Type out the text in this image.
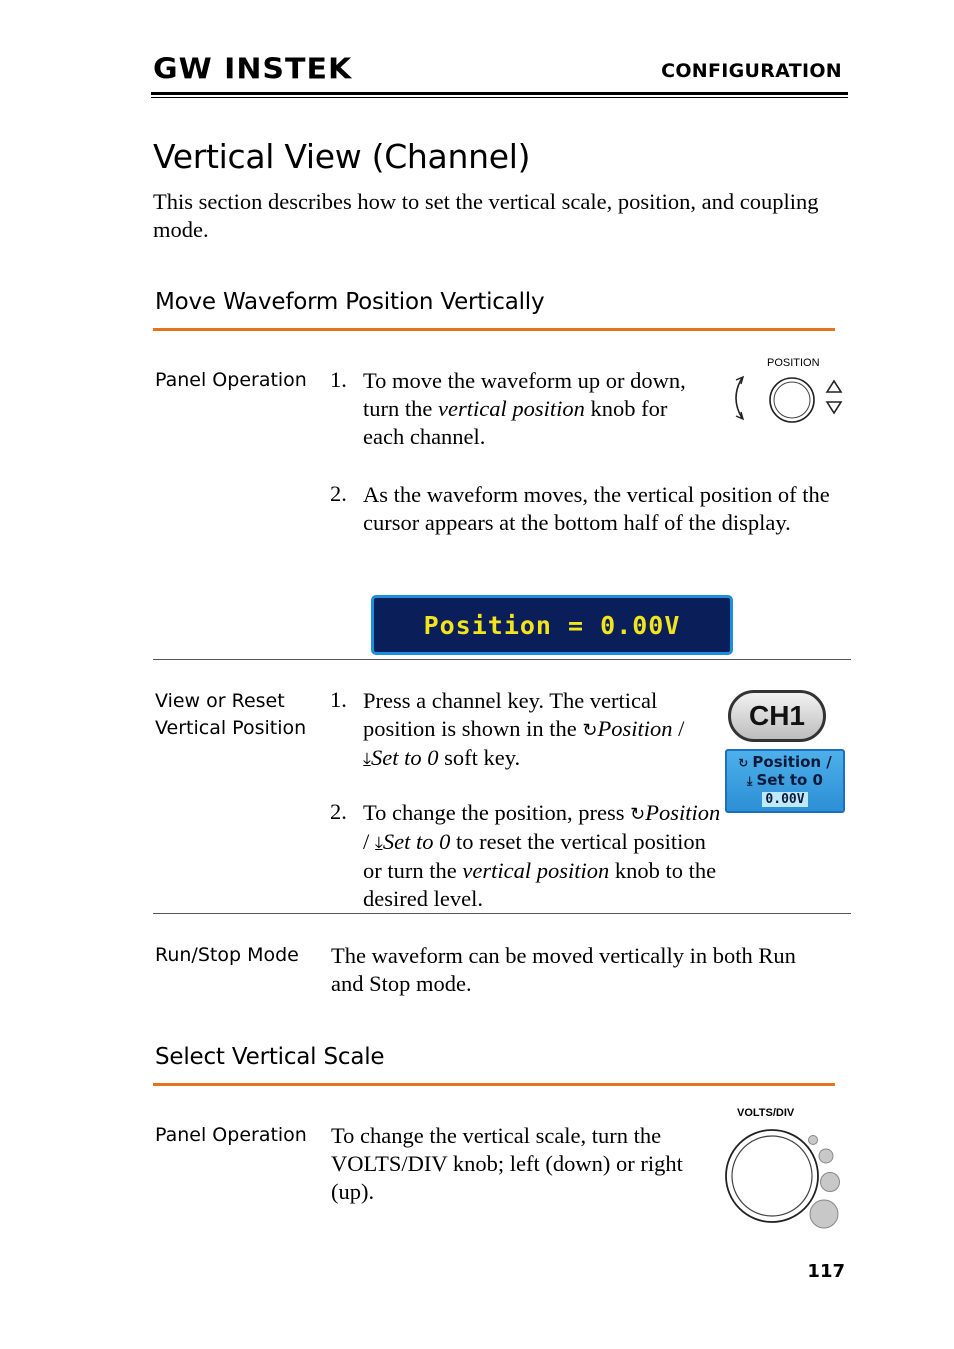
GW INSTEK	CONFIGURATION
Vertical View (Channel)
This section describes how to set the vertical scale, position, and coupling mode.
Move Waveform Position Vertically
Panel Operation 1. To move the waveform up or down, turn the vertical position knob for each channel.
POSITION
2. As the waveform moves, the vertical position of the cursor appears at the bottom half of the display.
Position = 0.00V
View or Reset
Vertical Position
1. Press a channel key. The vertical position is shown in the ↻Position / ⤓Set to 0 soft key.
2. To change the position, press ↻Position / ⤓Set to 0 to reset the vertical position or turn the vertical position knob to the desired level.
CH1
↻ Position /
⤓ Set to 0
0.00V
Run/Stop Mode The waveform can be moved vertically in both Run and Stop mode.
Select Vertical Scale
Panel Operation To change the vertical scale, turn the VOLTS/DIV knob; left (down) or right (up).
VOLTS/DIV
117
